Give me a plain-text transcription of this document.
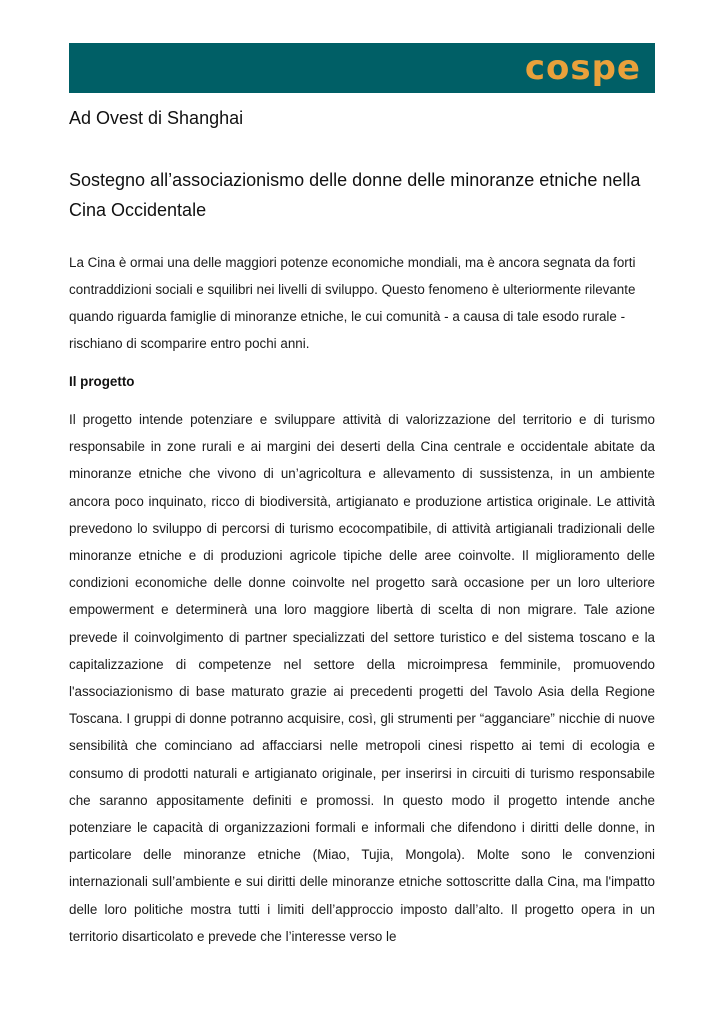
cospe
Ad Ovest di Shanghai
Sostegno all’associazionismo delle donne delle minoranze etniche nella Cina Occidentale

La Cina è ormai una delle maggiori potenze economiche mondiali, ma è ancora segnata da forti contraddizioni sociali e squilibri nei livelli di sviluppo. Questo fenomeno è ulteriormente rilevante quando riguarda famiglie di minoranze etniche, le cui comunità - a causa di tale esodo rurale - rischiano di scomparire entro pochi anni.

Il progetto

Il progetto intende potenziare e sviluppare attività di valorizzazione del territorio e di turismo responsabile in zone rurali e ai margini dei deserti della Cina centrale e occidentale abitate da minoranze etniche che vivono di un’agricoltura e allevamento di sussistenza, in un ambiente ancora poco inquinato, ricco di biodiversità, artigianato e produzione artistica originale. Le attività prevedono lo sviluppo di percorsi di turismo ecocompatibile, di attività artigianali tradizionali delle minoranze etniche e di produzioni agricole tipiche delle aree coinvolte. Il miglioramento delle condizioni economiche delle donne coinvolte nel progetto sarà occasione per un loro ulteriore empowerment e determinerà una loro maggiore libertà di scelta di non migrare. Tale azione prevede il coinvolgimento di partner specializzati del settore turistico e del sistema toscano e la capitalizzazione di competenze nel settore della microimpresa femminile, promuovendo l'associazionismo di base maturato grazie ai precedenti progetti del Tavolo Asia della Regione Toscana. I gruppi di donne potranno acquisire, così, gli strumenti per “agganciare” nicchie di nuove sensibilità che cominciano ad affacciarsi nelle metropoli cinesi rispetto ai temi di ecologia e consumo di prodotti naturali e artigianato originale, per inserirsi in circuiti di turismo responsabile che saranno appositamente definiti e promossi. In questo modo il progetto intende anche potenziare le capacità di organizzazioni formali e informali che difendono i diritti delle donne, in particolare delle minoranze etniche (Miao, Tujia, Mongola). Molte sono le convenzioni internazionali sull’ambiente e sui diritti delle minoranze etniche sottoscritte dalla Cina, ma l'impatto delle loro politiche mostra tutti i limiti dell’approccio imposto dall’alto. Il progetto opera in un territorio disarticolato e prevede che l’interesse verso le
